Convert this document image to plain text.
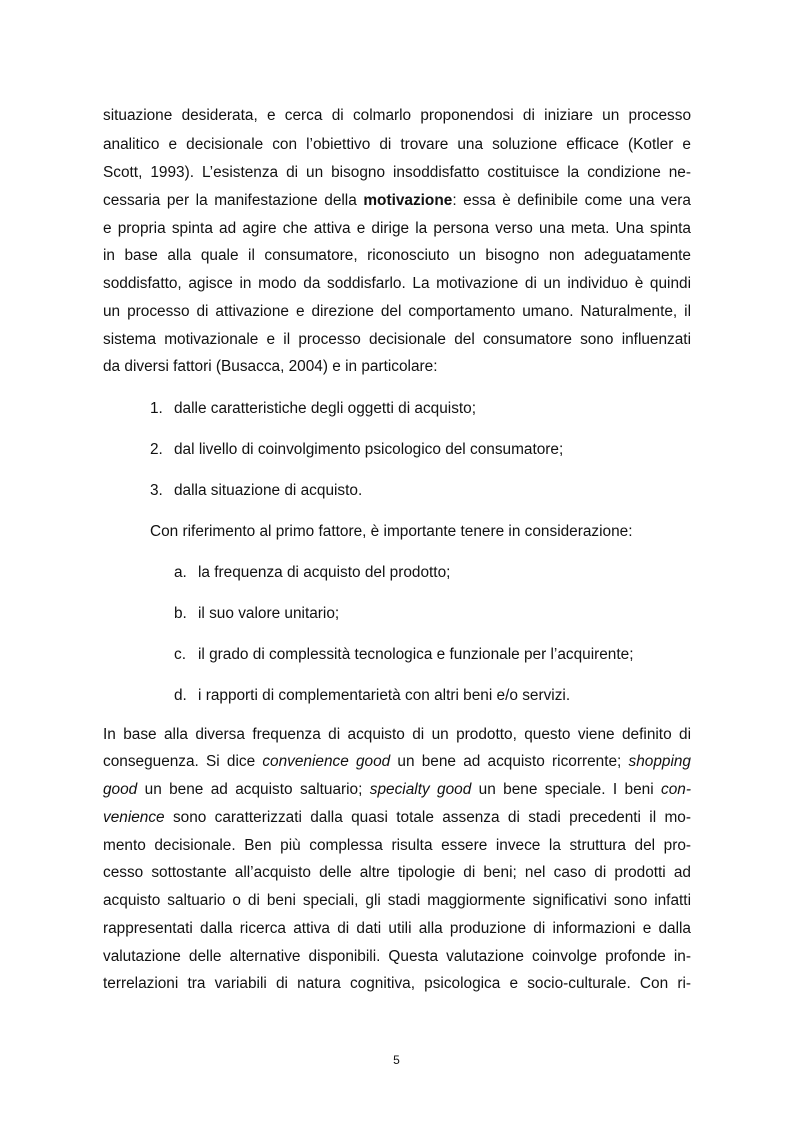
situazione desiderata, e cerca di colmarlo proponendosi di iniziare un processo
analitico e decisionale con l’obiettivo di trovare una soluzione efficace (Kotler e
Scott, 1993). L’esistenza di un bisogno insoddisfatto costituisce la condizione ne-
cessaria per la manifestazione della motivazione: essa è definibile come una vera
e propria spinta ad agire che attiva e dirige la persona verso una meta. Una spinta
in base alla quale il consumatore, riconosciuto un bisogno non adeguatamente
soddisfatto, agisce in modo da soddisfarlo. La motivazione di un individuo è quindi
un processo di attivazione e direzione del comportamento umano. Naturalmente, il
sistema motivazionale e il processo decisionale del consumatore sono influenzati
da diversi fattori (Busacca, 2004) e in particolare:
1. dalle caratteristiche degli oggetti di acquisto;
2. dal livello di coinvolgimento psicologico del consumatore;
3. dalla situazione di acquisto.
Con riferimento al primo fattore, è importante tenere in considerazione:
a. la frequenza di acquisto del prodotto;
b. il suo valore unitario;
c. il grado di complessità tecnologica e funzionale per l’acquirente;
d. i rapporti di complementarietà con altri beni e/o servizi.
In base alla diversa frequenza di acquisto di un prodotto, questo viene definito di
conseguenza. Si dice convenience good un bene ad acquisto ricorrente; shopping
good un bene ad acquisto saltuario; specialty good un bene speciale. I beni con-
venience sono caratterizzati dalla quasi totale assenza di stadi precedenti il mo-
mento decisionale. Ben più complessa risulta essere invece la struttura del pro-
cesso sottostante all’acquisto delle altre tipologie di beni; nel caso di prodotti ad
acquisto saltuario o di beni speciali, gli stadi maggiormente significativi sono infatti
rappresentati dalla ricerca attiva di dati utili alla produzione di informazioni e dalla
valutazione delle alternative disponibili. Questa valutazione coinvolge profonde in-
terrelazioni tra variabili di natura cognitiva, psicologica e socio-culturale. Con ri-
5
